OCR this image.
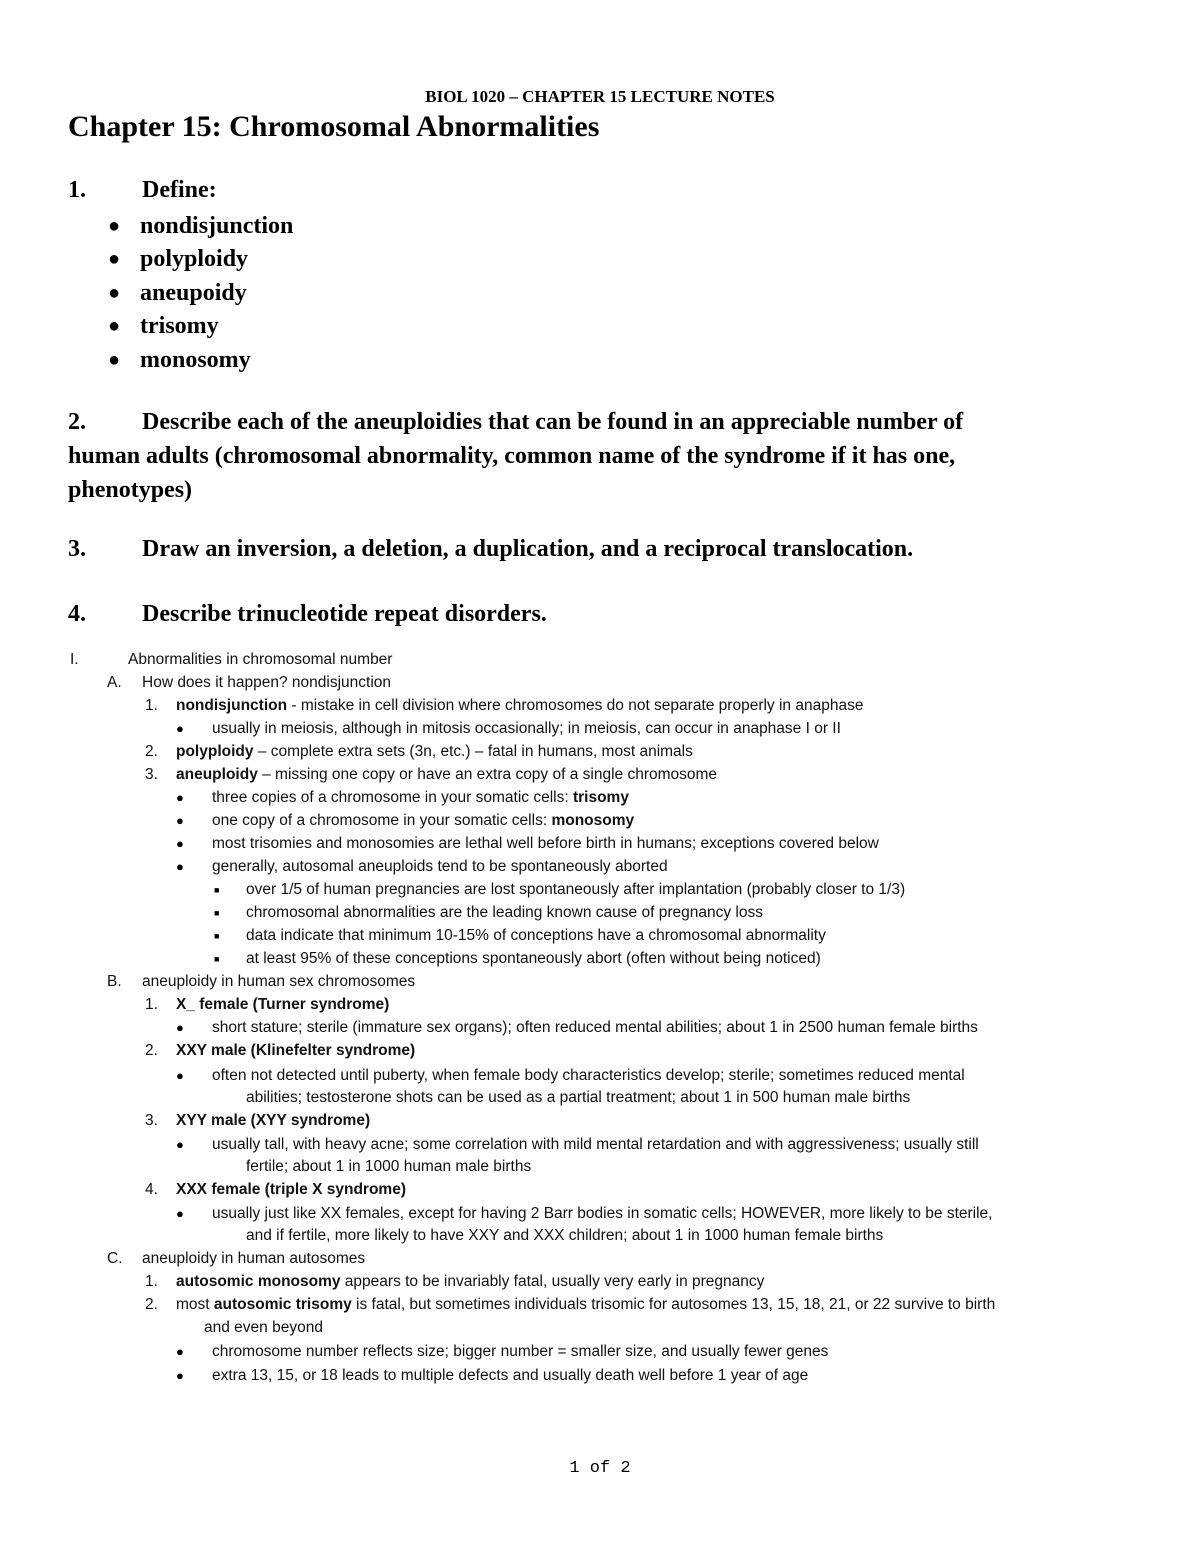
BIOL 1020 – CHAPTER 15 LECTURE NOTES
Chapter 15: Chromosomal Abnormalities
1. Define:
● nondisjunction
● polyploidy
● aneupoidy
● trisomy
● monosomy
2. Describe each of the aneuploidies that can be found in an appreciable number of
human adults (chromosomal abnormality, common name of the syndrome if it has one,
phenotypes)
3. Draw an inversion, a deletion, a duplication, and a reciprocal translocation.
4. Describe trinucleotide repeat disorders.
I.	Abnormalities in chromosomal number
A. How does it happen? nondisjunction
1. nondisjunction - mistake in cell division where chromosomes do not separate properly in anaphase
● usually in meiosis, although in mitosis occasionally; in meiosis, can occur in anaphase I or II
2. polyploidy – complete extra sets (3n, etc.) – fatal in humans, most animals
3. aneuploidy – missing one copy or have an extra copy of a single chromosome
● three copies of a chromosome in your somatic cells: trisomy
● one copy of a chromosome in your somatic cells: monosomy
● most trisomies and monosomies are lethal well before birth in humans; exceptions covered below
● generally, autosomal aneuploids tend to be spontaneously aborted
■ over 1/5 of human pregnancies are lost spontaneously after implantation (probably closer to 1/3)
■ chromosomal abnormalities are the leading known cause of pregnancy loss
■ data indicate that minimum 10-15% of conceptions have a chromosomal abnormality
■ at least 95% of these conceptions spontaneously abort (often without being noticed)
B. aneuploidy in human sex chromosomes
1. X_ female (Turner syndrome)
● short stature; sterile (immature sex organs); often reduced mental abilities; about 1 in 2500 human female births
2. XXY male (Klinefelter syndrome)
● often not detected until puberty, when female body characteristics develop; sterile; sometimes reduced mental
abilities; testosterone shots can be used as a partial treatment; about 1 in 500 human male births
3. XYY male (XYY syndrome)
● usually tall, with heavy acne; some correlation with mild mental retardation and with aggressiveness; usually still
fertile; about 1 in 1000 human male births
4. XXX female (triple X syndrome)
● usually just like XX females, except for having 2 Barr bodies in somatic cells; HOWEVER, more likely to be sterile,
and if fertile, more likely to have XXY and XXX children; about 1 in 1000 human female births
C. aneuploidy in human autosomes
1. autosomic monosomy appears to be invariably fatal, usually very early in pregnancy
2. most autosomic trisomy is fatal, but sometimes individuals trisomic for autosomes 13, 15, 18, 21, or 22 survive to birth
and even beyond
● chromosome number reflects size; bigger number = smaller size, and usually fewer genes
● extra 13, 15, or 18 leads to multiple defects and usually death well before 1 year of age
1 of 2
